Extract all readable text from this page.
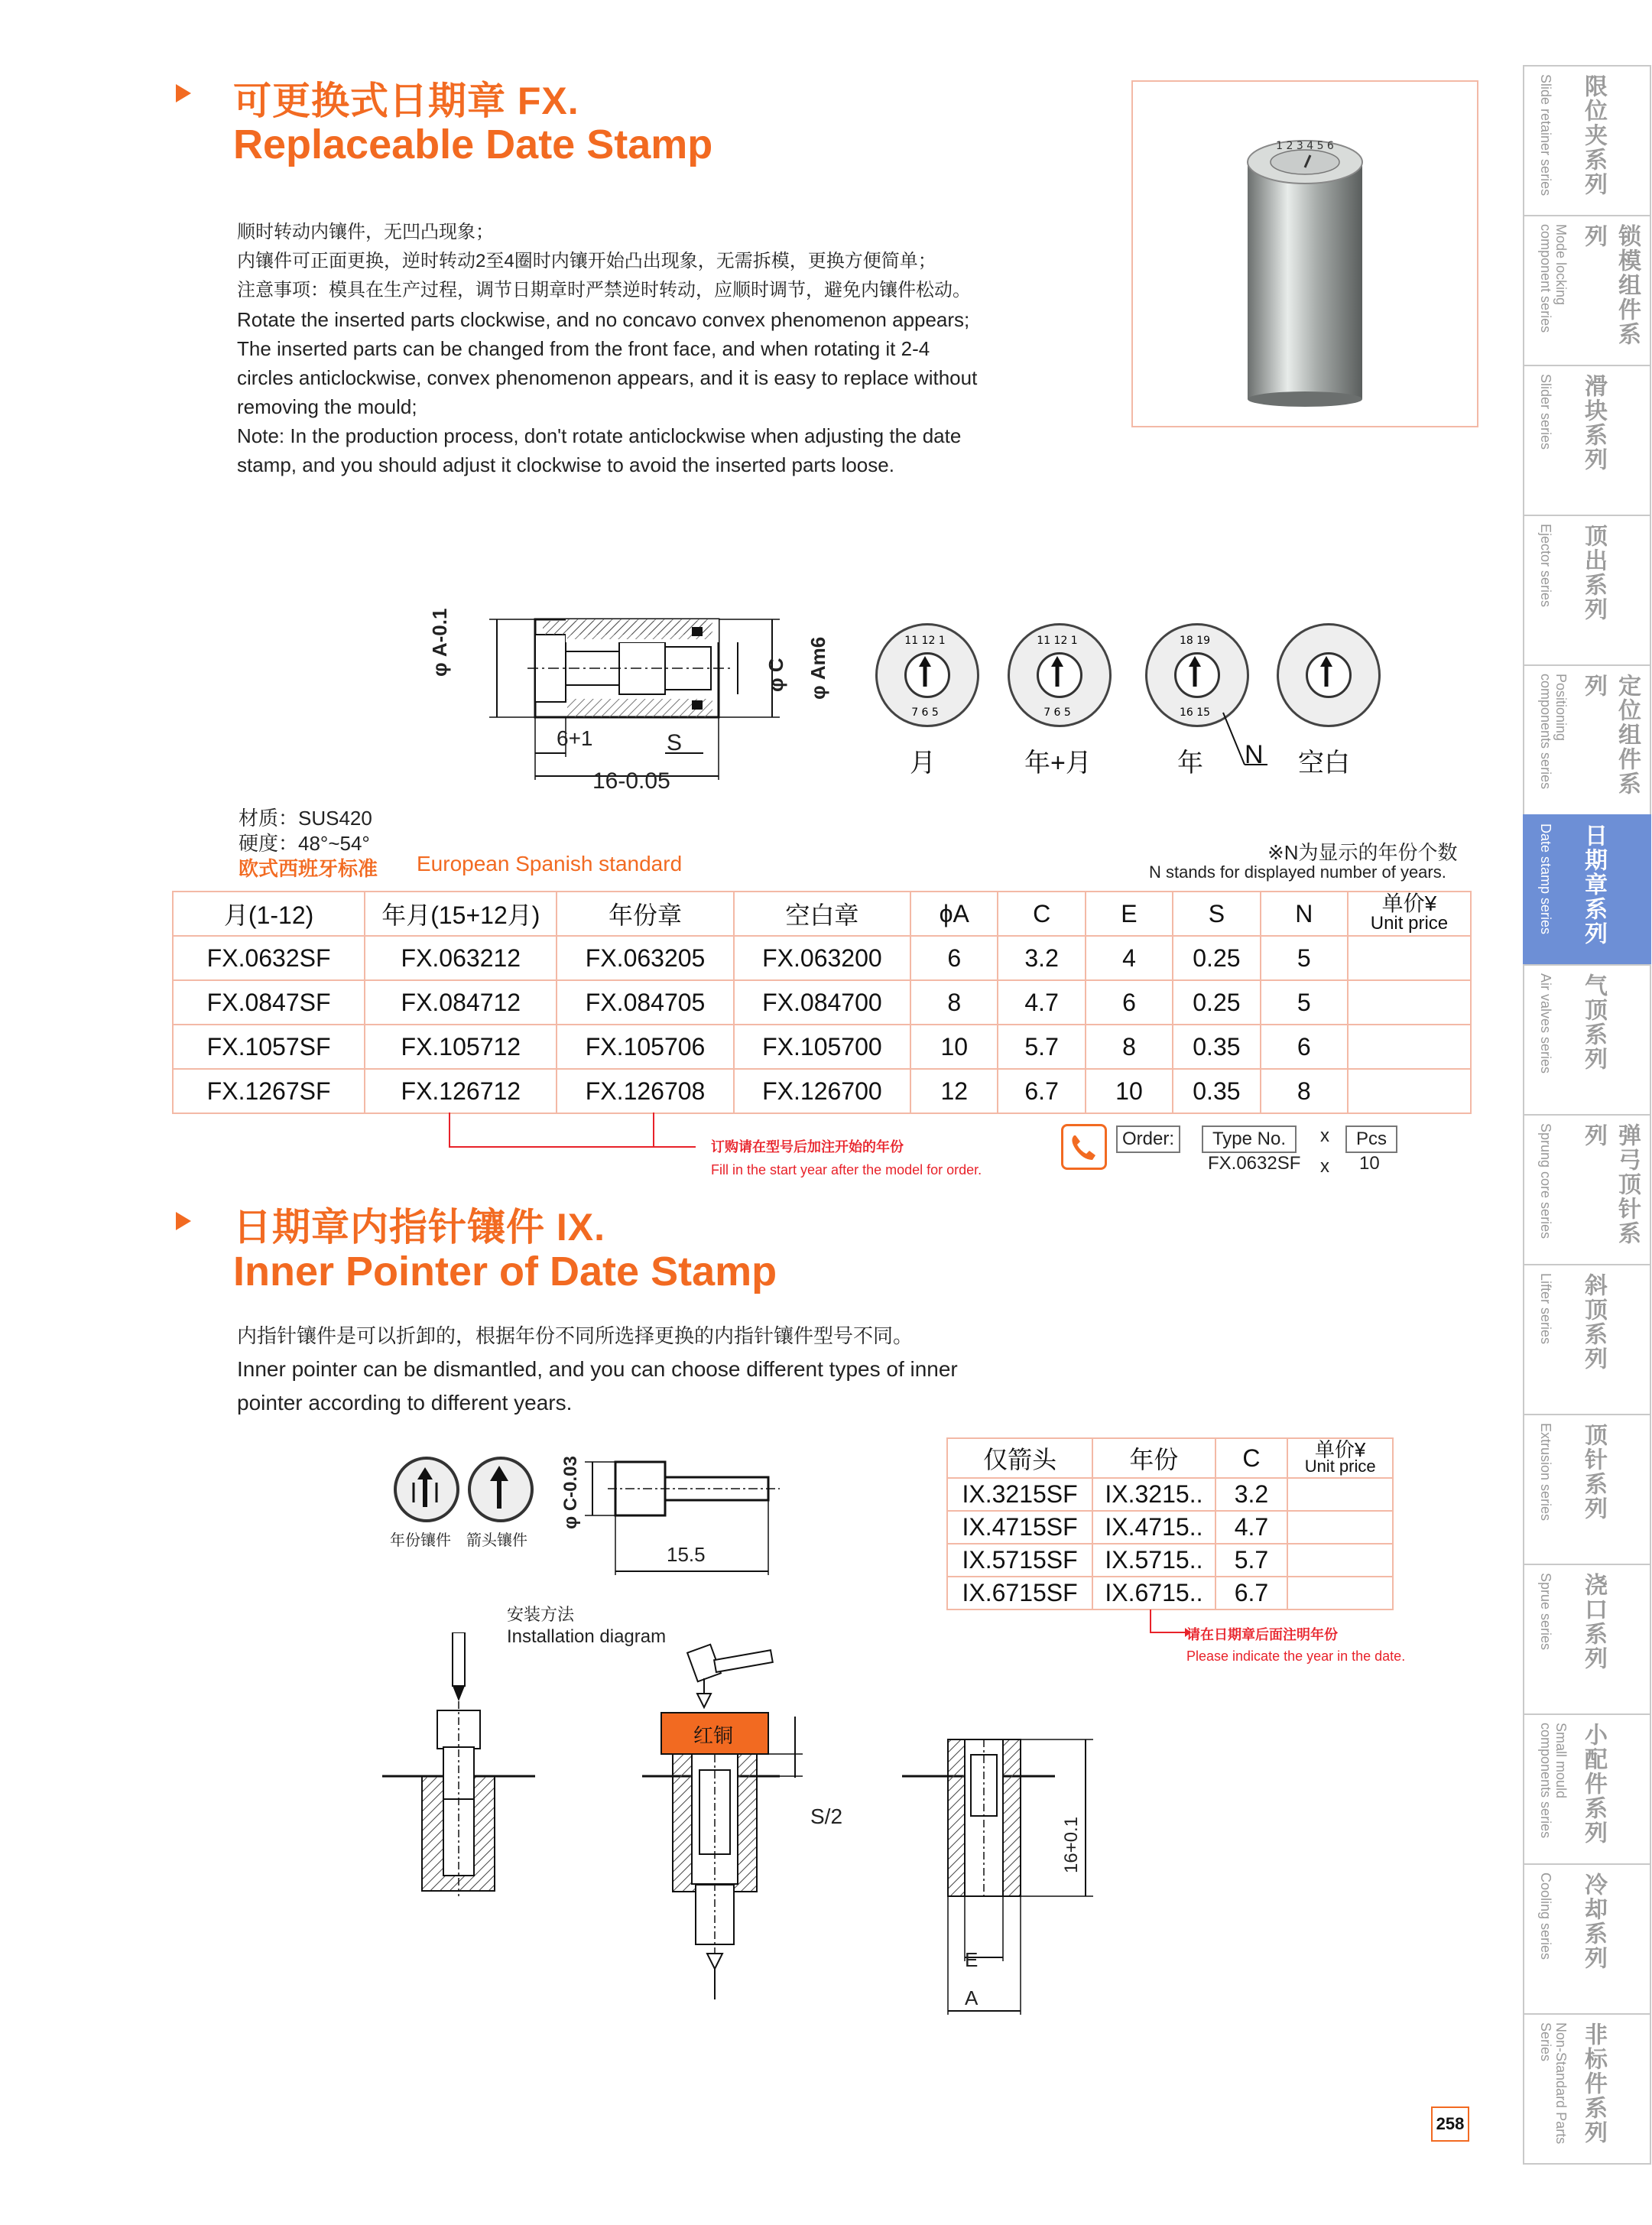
可更换式日期章 FX.
Replaceable Date Stamp

顺时转动内镶件，无凹凸现象；

内镶件可正面更换，逆时转动2至4圈时内镶开始凸出现象，无需拆模，更换方便简单；

注意事项：模具在生产过程，调节日期章时严禁逆时转动，应顺时调节，避免内镶件松动。

Rotate the inserted parts clockwise, and no concavo convex phenomenon appears;

The inserted parts can be changed from the front face, and when rotating it 2-4

circles anticlockwise, convex phenomenon appears, and it is easy to replace without

removing the mould;

Note: In the production process, don't rotate anticlockwise when adjusting the date

stamp, and you should adjust it clockwise to avoid the inserted parts loose.

1 2 3 4 5 6
φ A-0.1	φ C φ Am6
6+1	S
16-0.05
11 12 1
7 6 5
11 12 1
7 6 5
18 19
16 15
月	年+月	年 N 空白
材质：SUS420
硬度：48°~54°
欧式西班牙标准 European Spanish standard	※N为显示的年份个数
N stands for displayed number of years.
月(1-12)	年月(15+12月)	年份章	空白章	ϕA	C	E	S	N	单价¥
Unit price

FX.0632SF	FX.063212	FX.063205	FX.063200	6	3.2	4	0.25	5	
FX.0847SF	FX.084712	FX.084705	FX.084700	8	4.7	6	0.25	5	
FX.1057SF	FX.105712	FX.105706	FX.105700	10	5.7	8	0.35	6	
FX.1267SF	FX.126712	FX.126708	FX.126700	12	6.7	10	0.35	8	
订购请在型号后加注开始的年份
Fill in the start year after the model for order.
Order:	Type No.	x	Pcs
FX.0632SF x 10
日期章内指针镶件 IX.
Inner Pointer of Date Stamp

内指针镶件是可以折卸的，根据年份不同所选择更换的内指针镶件型号不同。

Inner pointer can be dismantled, and you can choose different types of inner

pointer according to different years.

年份镶件 箭头镶件
φ C-0.03
15.5
仅箭头	年份	C	单价¥
Unit price

IX.3215SF	IX.3215..	3.2	
IX.4715SF	IX.4715..	4.7	
IX.5715SF	IX.5715..	5.7	
IX.6715SF	IX.6715..	6.7	
请在日期章后面注明年份
Please indicate the year in the date.
安装方法
Installation diagram
红铜
S/2
16+0.1
E
A
258
限位夹系列
Slide retainer series
锁模组件系列
Mode locking component series
滑块系列
Slider series
顶出系列
Ejector series
定位组件系列
Positioning components series
日期章系列
Date stamp series
气顶系列
Air valves series
弹弓顶针系列
Sprung core series
斜顶系列
Lifter series
顶针系列
Extrusion series
浇口系列
Sprue series
小配件系列
Small mould components series
冷却系列
Cooling series
非标件系列
Non-Standard Parts Series
